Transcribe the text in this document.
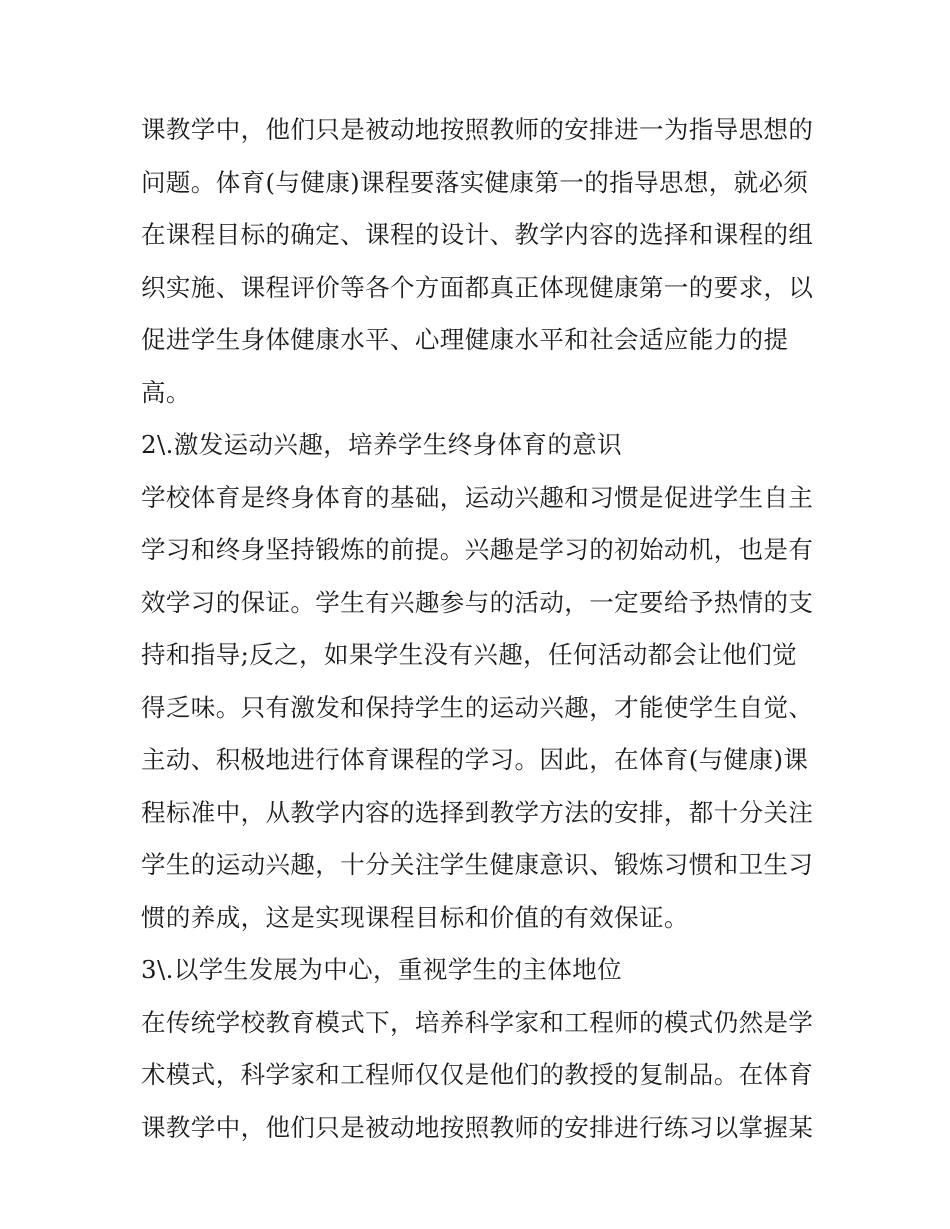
课教学中，他们只是被动地按照教师的安排进一为指导思想的
问题。体育(与健康)课程要落实健康第一的指导思想，就必须
在课程目标的确定、课程的设计、教学内容的选择和课程的组
织实施、课程评价等各个方面都真正体现健康第一的要求，以
促进学生身体健康水平、心理健康水平和社会适应能力的提
高。
2\.激发运动兴趣，培养学生终身体育的意识
学校体育是终身体育的基础，运动兴趣和习惯是促进学生自主
学习和终身坚持锻炼的前提。兴趣是学习的初始动机，也是有
效学习的保证。学生有兴趣参与的活动，一定要给予热情的支
持和指导;反之，如果学生没有兴趣，任何活动都会让他们觉
得乏味。只有激发和保持学生的运动兴趣，才能使学生自觉、
主动、积极地进行体育课程的学习。因此，在体育(与健康)课
程标准中，从教学内容的选择到教学方法的安排，都十分关注
学生的运动兴趣，十分关注学生健康意识、锻炼习惯和卫生习
惯的养成，这是实现课程目标和价值的有效保证。
3\.以学生发展为中心，重视学生的主体地位
在传统学校教育模式下，培养科学家和工程师的模式仍然是学
术模式，科学家和工程师仅仅是他们的教授的复制品。在体育
课教学中，他们只是被动地按照教师的安排进行练习以掌握某
